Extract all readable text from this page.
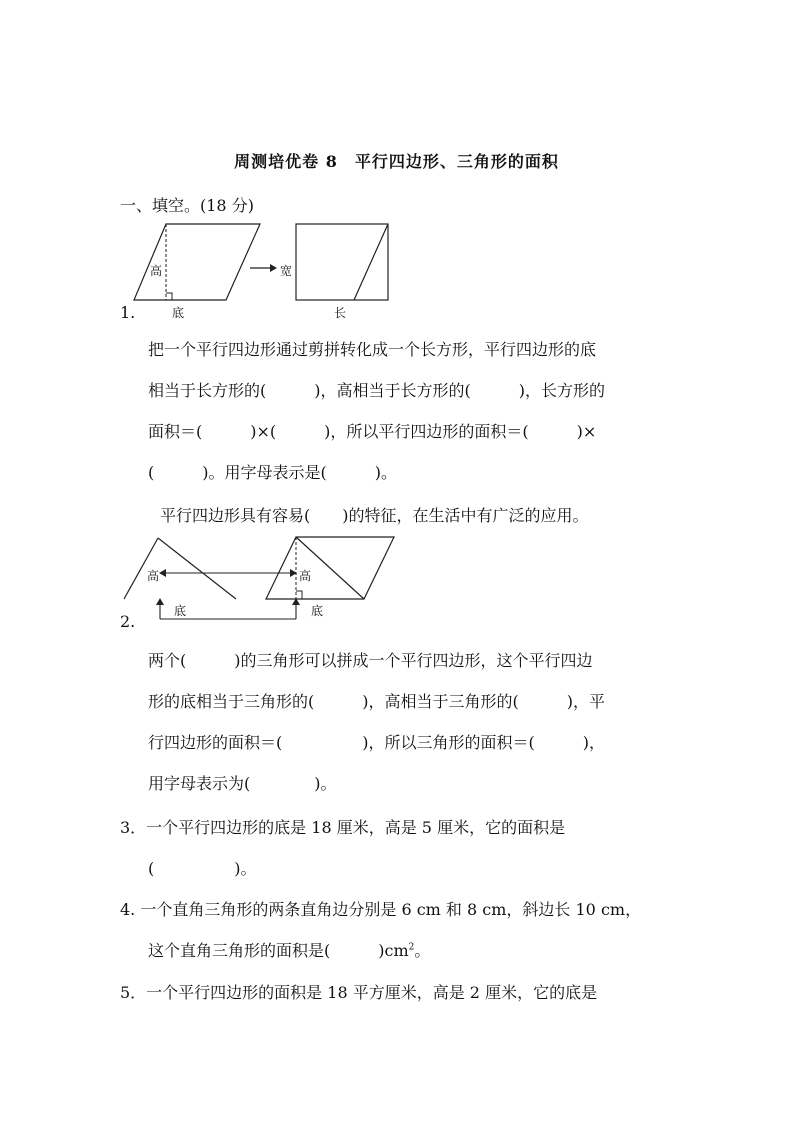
周测培优卷 8　平行四边形、三角形的面积
一、填空。(18 分)
高
底
宽
长
1.
把一个平行四边形通过剪拼转化成一个长方形，平行四边形的底
相当于长方形的(　　　)，高相当于长方形的(　　　)，长方形的
面积＝(　　　)×(　　　)，所以平行四边形的面积＝(　　　)×
(　　　)。用字母表示是(　　　)。
平行四边形具有容易(　　)的特征，在生活中有广泛的应用。
高
底
高
底
2.
两个(　　　)的三角形可以拼成一个平行四边形，这个平行四边
形的底相当于三角形的(　　　)，高相当于三角形的(　　　)，平
行四边形的面积＝(　　　　　)，所以三角形的面积＝(　　　)，
用字母表示为(　　　　)。
3．一个平行四边形的底是 18 厘米，高是 5 厘米，它的面积是
(　　　　　)。
4. 一个直角三角形的两条直角边分别是 6 cm 和 8 cm，斜边长 10 cm，
这个直角三角形的面积是(　　　)$cm^2$。
5．一个平行四边形的面积是 18 平方厘米，高是 2 厘米，它的底是
